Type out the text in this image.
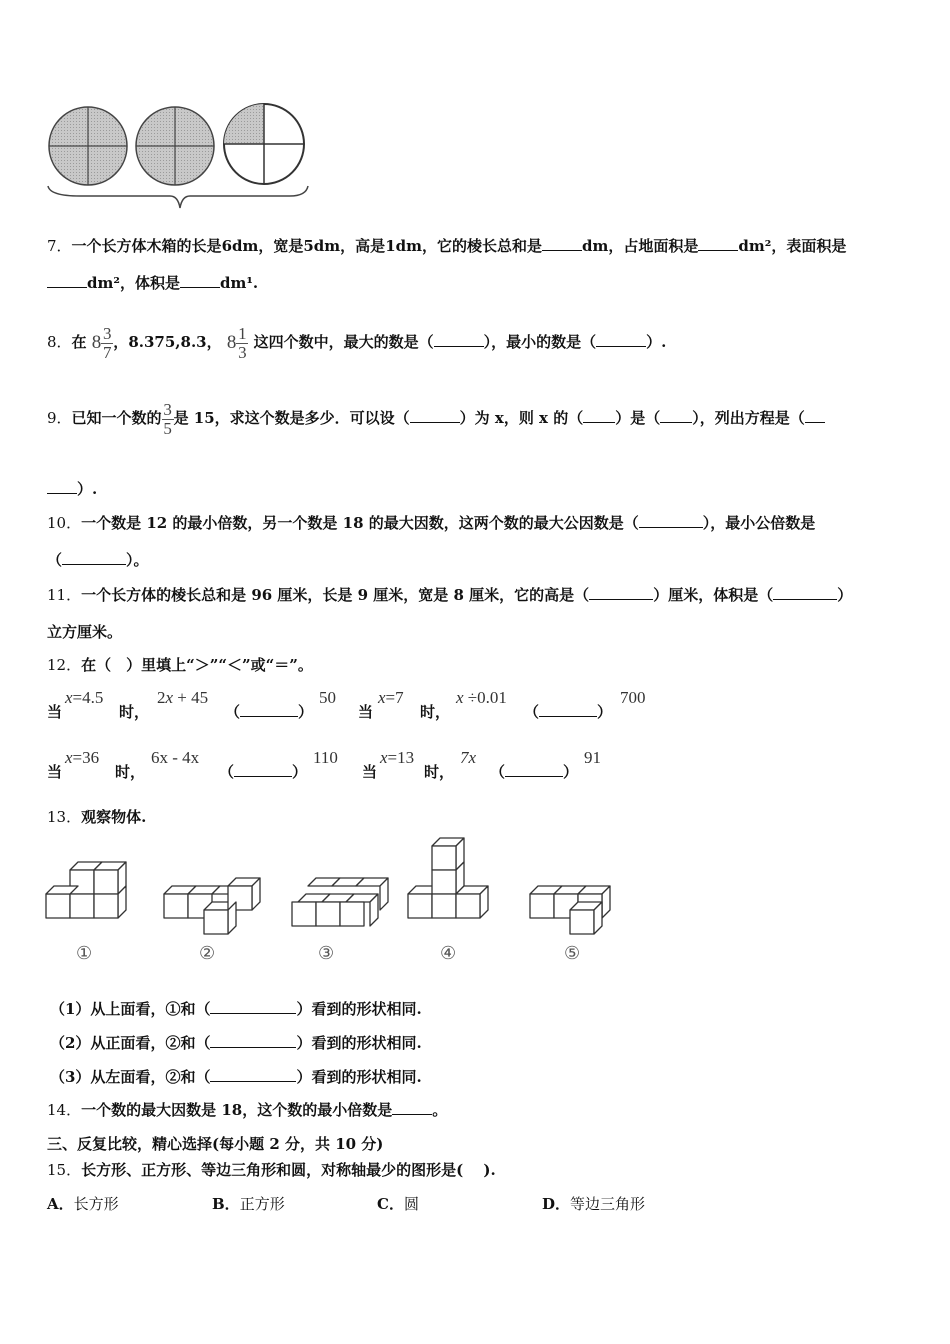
7．一个长方体木箱的长是6dm，宽是5dm，高是1dm，它的棱长总和是	dm，占地面积是	dm²，表面积是
dm²，体积是	dm¹.
8．在 $8 \frac{3}{7}$ ，8.375,8.3， $8 \frac{1}{3}$ 这四个数中，最大的数是（	），最小的数是（	）.
9．已知一个数的 $\frac{3}{5}$ 是 15，求这个数是多少．可以设（	）为 x，则 x 的（ ）是（ ），列出方程是（
）.
10．一个数是 12 的最小倍数，另一个数是 18 的最大因数，这两个数的最大公因数是（	），最小公倍数是
（	）。
11．一个长方体的棱长总和是 96 厘米，长是 9 厘米，宽是 8 厘米，它的高是（	）厘米，体积是（	）
立方厘米。
12．在（　）里填上“＞”“＜”或“＝”。
当
x=4.5
时，
2x + 45
（	）
50
当
x=7
时，
x ÷0.01
（	）
700
当
x=36
时，
6x - 4x
（	）
110
当
x=13
时，
7x
（	）
91
13．观察物体.
①	②	③	④	⑤
（1）从上面看，①和（	）看到的形状相同.
（2）从正面看，②和（	）看到的形状相同.
（3）从左面看，②和（	）看到的形状相同.
14．一个数的最大因数是 18，这个数的最小倍数是	。
三、反复比较，精心选择(每小题 2 分，共 10 分)
15．长方形、正方形、等边三角形和圆，对称轴最少的图形是(　 ).
A．长方形	B．正方形	C．圆	D．等边三角形
